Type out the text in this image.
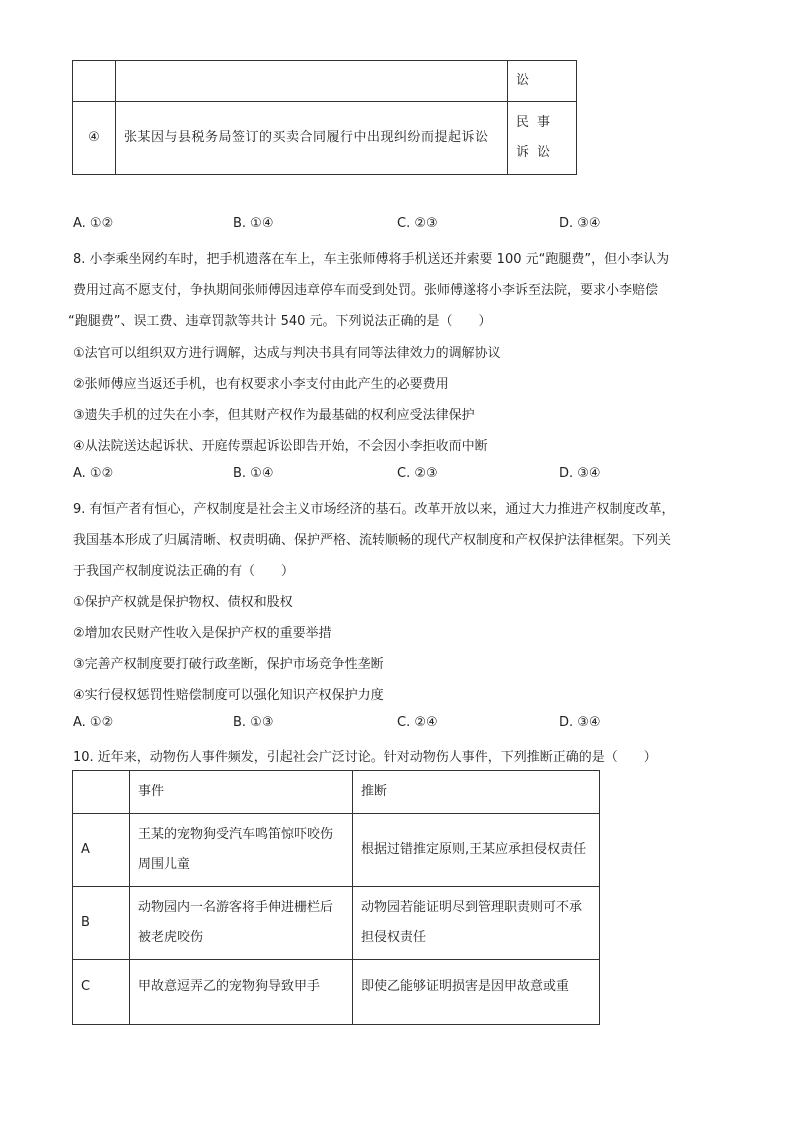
		讼
④	张某因与县税务局签订的买卖合同履行中出现纠纷而提起诉讼	民事诉讼
A. ①②	B. ①④	C. ②③	D. ③④
8. 小李乘坐网约车时，把手机遗落在车上，车主张师傅将手机送还并索要 100 元“跑腿费”，但小李认为
费用过高不愿支付，争执期间张师傅因违章停车而受到处罚。张师傅遂将小李诉至法院，要求小李赔偿
“跑腿费”、误工费、违章罚款等共计 540 元。下列说法正确的是（　　）
①法官可以组织双方进行调解，达成与判决书具有同等法律效力的调解协议
②张师傅应当返还手机，也有权要求小李支付由此产生的必要费用
③遗失手机的过失在小李，但其财产权作为最基础的权利应受法律保护
④从法院送达起诉状、开庭传票起诉讼即告开始，不会因小李拒收而中断
A. ①②	B. ①④	C. ②③	D. ③④
9. 有恒产者有恒心，产权制度是社会主义市场经济的基石。改革开放以来，通过大力推进产权制度改革，
我国基本形成了归属清晰、权责明确、保护严格、流转顺畅的现代产权制度和产权保护法律框架。下列关
于我国产权制度说法正确的有（　　）
①保护产权就是保护物权、债权和股权
②增加农民财产性收入是保护产权的重要举措
③完善产权制度要打破行政垄断，保护市场竞争性垄断
④实行侵权惩罚性赔偿制度可以强化知识产权保护力度
A. ①②	B. ①③	C. ②④	D. ③④
10. 近年来，动物伤人事件频发，引起社会广泛讨论。针对动物伤人事件，下列推断正确的是（　　）
	事件	推断
A	王某的宠物狗受汽车鸣笛惊吓咬伤周围儿童	根据过错推定原则,王某应承担侵权责任
B	动物园内一名游客将手伸进栅栏后被老虎咬伤	动物园若能证明尽到管理职责则可不承担侵权责任
C	甲故意逗弄乙的宠物狗导致甲手	即使乙能够证明损害是因甲故意或重
